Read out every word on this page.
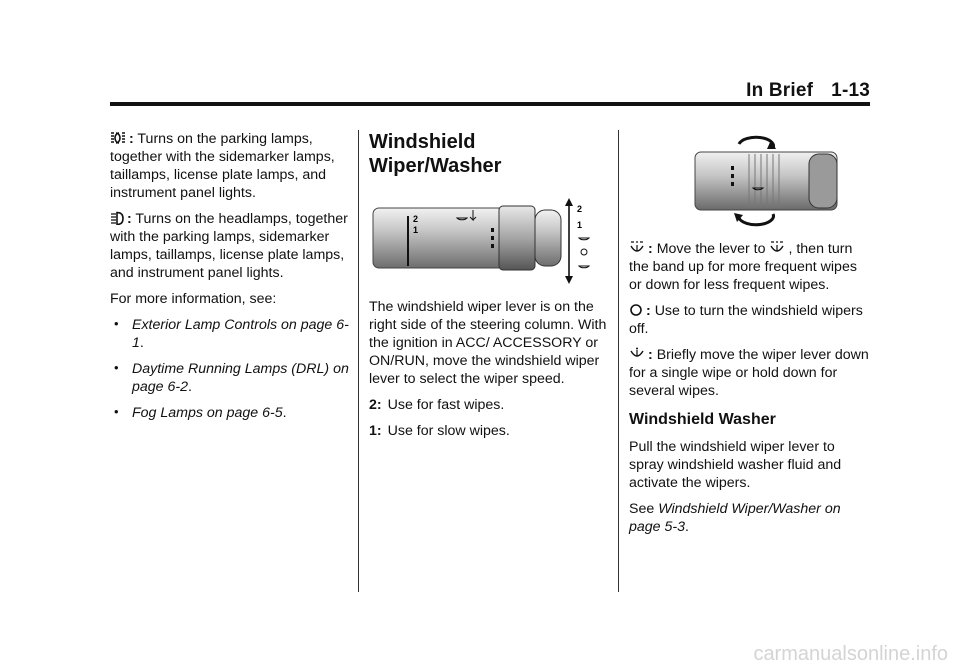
In Brief 1-13

: Turns on the parking lamps, together with the sidemarker lamps, taillamps, license plate lamps, and instrument panel lights.

: Turns on the headlamps, together with the parking lamps, sidemarker lamps, taillamps, license plate lamps, and instrument panel lights.

For more information, see:

• Exterior Lamp Controls on page 6-1.
• Daytime Running Lamps (DRL) on page 6-2.
• Fog Lamps on page 6-5.
Windshield Wiper/Washer
2
1
2
1

The windshield wiper lever is on the right side of the steering column. With the ignition in ACC/ ACCESSORY or ON/RUN, move the windshield wiper lever to select the wiper speed.

2: Use for fast wipes.

1: Use for slow wipes.

: Move the lever to , then turn the band up for more frequent wipes or down for less frequent wipes.

: Use to turn the windshield wipers off.

: Briefly move the wiper lever down for a single wipe or hold down for several wipes.

Windshield Washer

Pull the windshield wiper lever to spray windshield washer fluid and activate the wipers.

See Windshield Wiper/Washer on page 5-3.

carmanualsonline.info
